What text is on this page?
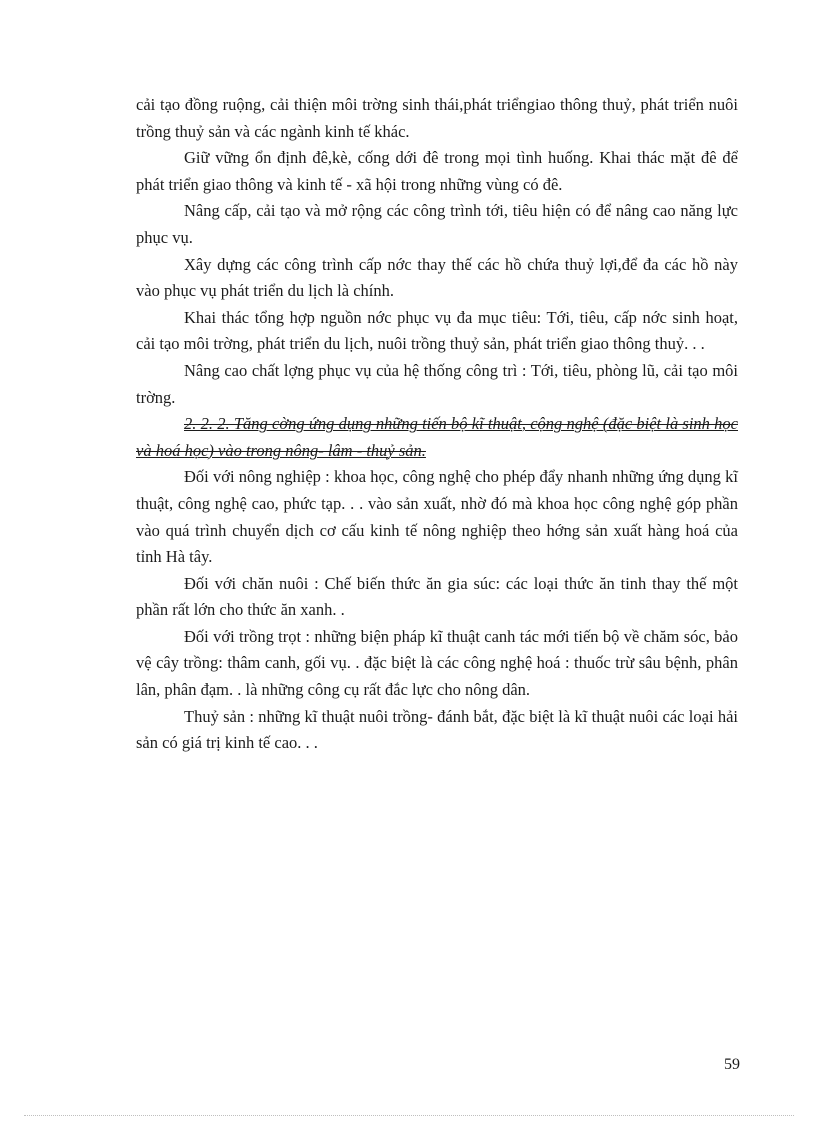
cải tạo đồng ruộng, cải thiện môi trờng sinh thái,phát triểngiao thông thuỷ, phát triển nuôi trồng thuỷ sản và các ngành kinh tế khác.

Giữ vững ổn định đê,kè, cống dới đê trong mọi tình huống. Khai thác mặt đê để phát triển giao thông và kinh tế - xã hội trong những vùng có đê.

Nâng cấp, cải tạo và mở rộng các công trình tới, tiêu hiện có để nâng cao năng lực phục vụ.

Xây dựng các công trình cấp nớc thay thế các hồ chứa thuỷ lợi,để đa các hồ này vào phục vụ phát triển du lịch là chính.

Khai thác tổng hợp nguồn nớc phục vụ đa mục tiêu: Tới, tiêu, cấp nớc sinh hoạt, cải tạo môi trờng, phát triển du lịch, nuôi trồng thuỷ sản, phát triển giao thông thuỷ. . .

Nâng cao chất lợng phục vụ của hệ thống công trì : Tới, tiêu, phòng lũ, cải tạo môi trờng.

2. 2. 2. Tăng cờng ứng dụng những tiến bộ kĩ thuật, cộng nghệ (đặc biệt là sinh học và hoá học) vào trong nông- lâm - thuỷ sản.

Đối với nông nghiệp : khoa học, công nghệ cho phép đẩy nhanh những ứng dụng kĩ thuật, công nghệ cao, phức tạp. . . vào sản xuất, nhờ đó mà khoa học công nghệ góp phần vào quá trình chuyển dịch cơ cấu kinh tế nông nghiệp theo hớng sản xuất hàng hoá của tỉnh Hà tây.

Đối với chăn nuôi : Chế biến thức ăn gia súc: các loại thức ăn tinh thay thế một phần rất lớn cho thức ăn xanh. .

Đối với trồng trọt : những biện pháp kĩ thuật canh tác mới tiến bộ về chăm sóc, bảo vệ cây trồng: thâm canh, gối vụ. . đặc biệt là các công nghệ hoá : thuốc trừ sâu bệnh, phân lân, phân đạm. . là những công cụ rất đắc lực cho nông dân.

Thuỷ sản : những kĩ thuật nuôi trồng- đánh bắt, đặc biệt là kĩ thuật nuôi các loại hải sản có giá trị kinh tế cao. . .

59
